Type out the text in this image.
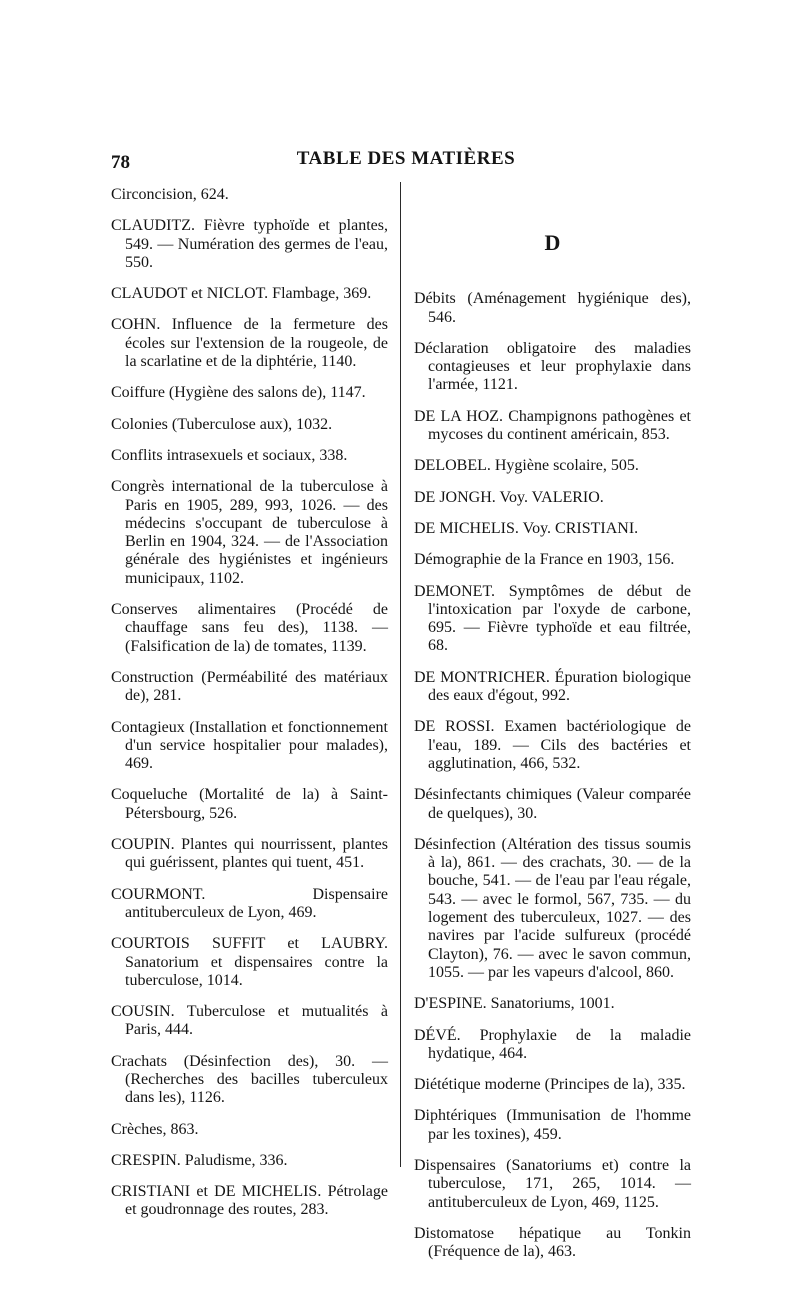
78	TABLE DES MATIÈRES

Circoncision, 624.

CLAUDITZ. Fièvre typhoïde et plantes, 549. — Numération des germes de l'eau, 550.

CLAUDOT et NICLOT. Flambage, 369.

COHN. Influence de la fermeture des écoles sur l'extension de la rougeole, de la scarlatine et de la diphtérie, 1140.

Coiffure (Hygiène des salons de), 1147.

Colonies (Tuberculose aux), 1032.

Conflits intrasexuels et sociaux, 338.

Congrès international de la tuberculose à Paris en 1905, 289, 993, 1026. — des médecins s'occupant de tuberculose à Berlin en 1904, 324. — de l'Association générale des hygiénistes et ingénieurs municipaux, 1102.

Conserves alimentaires (Procédé de chauffage sans feu des), 1138. — (Falsification de la) de tomates, 1139.

Construction (Perméabilité des matériaux de), 281.

Contagieux (Installation et fonctionnement d'un service hospitalier pour malades), 469.

Coqueluche (Mortalité de la) à Saint-Pétersbourg, 526.

COUPIN. Plantes qui nourrissent, plantes qui guérissent, plantes qui tuent, 451.

COURMONT. Dispensaire antituberculeux de Lyon, 469.

COURTOIS SUFFIT et LAUBRY. Sanatorium et dispensaires contre la tuberculose, 1014.

COUSIN. Tuberculose et mutualités à Paris, 444.

Crachats (Désinfection des), 30. — (Recherches des bacilles tuberculeux dans les), 1126.

Crèches, 863.

CRESPIN. Paludisme, 336.

CRISTIANI et DE MICHELIS. Pétrolage et goudronnage des routes, 283.

D

Débits (Aménagement hygiénique des), 546.

Déclaration obligatoire des maladies contagieuses et leur prophylaxie dans l'armée, 1121.

DE LA HOZ. Champignons pathogènes et mycoses du continent américain, 853.

DELOBEL. Hygiène scolaire, 505.

DE JONGH. Voy. VALERIO.

DE MICHELIS. Voy. CRISTIANI.

Démographie de la France en 1903, 156.

DEMONET. Symptômes de début de l'intoxication par l'oxyde de carbone, 695. — Fièvre typhoïde et eau filtrée, 68.

DE MONTRICHER. Épuration biologique des eaux d'égout, 992.

DE ROSSI. Examen bactériologique de l'eau, 189. — Cils des bactéries et agglutination, 466, 532.

Désinfectants chimiques (Valeur comparée de quelques), 30.

Désinfection (Altération des tissus soumis à la), 861. — des crachats, 30. — de la bouche, 541. — de l'eau par l'eau régale, 543. — avec le formol, 567, 735. — du logement des tuberculeux, 1027. — des navires par l'acide sulfureux (procédé Clayton), 76. — avec le savon commun, 1055. — par les vapeurs d'alcool, 860.

D'ESPINE. Sanatoriums, 1001.

DÉVÉ. Prophylaxie de la maladie hydatique, 464.

Diététique moderne (Principes de la), 335.

Diphtériques (Immunisation de l'homme par les toxines), 459.

Dispensaires (Sanatoriums et) contre la tuberculose, 171, 265, 1014. — antituberculeux de Lyon, 469, 1125.

Distomatose hépatique au Tonkin (Fréquence de la), 463.
